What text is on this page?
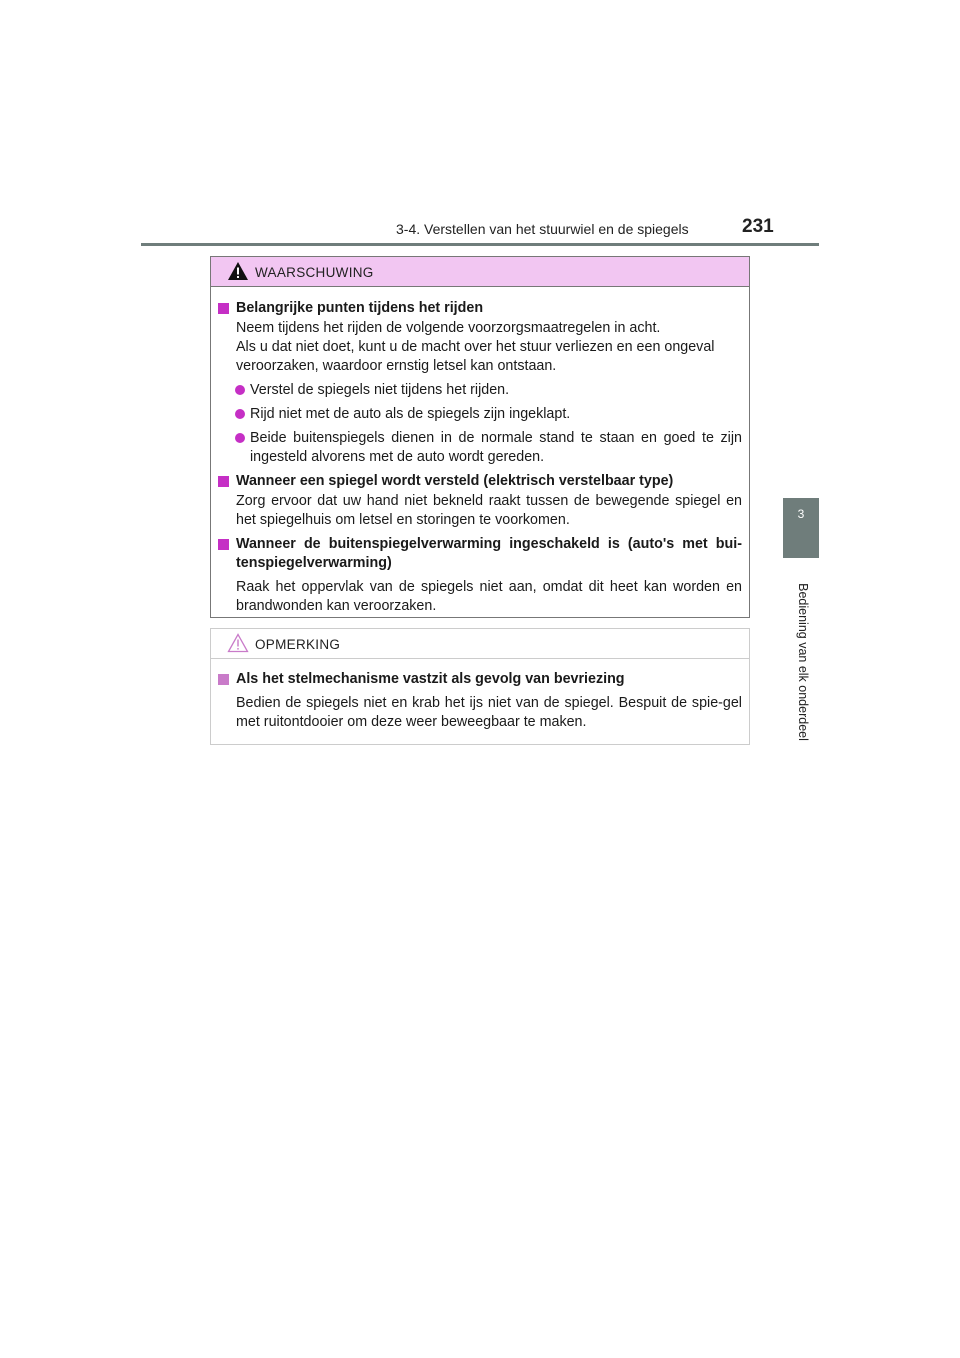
3-4. Verstellen van het stuurwiel en de spiegels	231
3
Bediening van elk onderdeel
WAARSCHUWING
Belangrijke punten tijdens het rijden
Neem tijdens het rijden de volgende voorzorgsmaatregelen in acht.
Als u dat niet doet, kunt u de macht over het stuur verliezen en een ongeval veroorzaken, waardoor ernstig letsel kan ontstaan.
Verstel de spiegels niet tijdens het rijden.
Rijd niet met de auto als de spiegels zijn ingeklapt.
Beide buitenspiegels dienen in de normale stand te staan en goed te zijn ingesteld alvorens met de auto wordt gereden.
Wanneer een spiegel wordt versteld (elektrisch verstelbaar type)
Zorg ervoor dat uw hand niet bekneld raakt tussen de bewegende spiegel en het spiegelhuis om letsel en storingen te voorkomen.
Wanneer de buitenspiegelverwarming ingeschakeld is (auto's met bui-tenspiegelverwarming)
Raak het oppervlak van de spiegels niet aan, omdat dit heet kan worden en brandwonden kan veroorzaken.
OPMERKING
Als het stelmechanisme vastzit als gevolg van bevriezing
Bedien de spiegels niet en krab het ijs niet van de spiegel. Bespuit de spie-gel met ruitontdooier om deze weer beweegbaar te maken.
